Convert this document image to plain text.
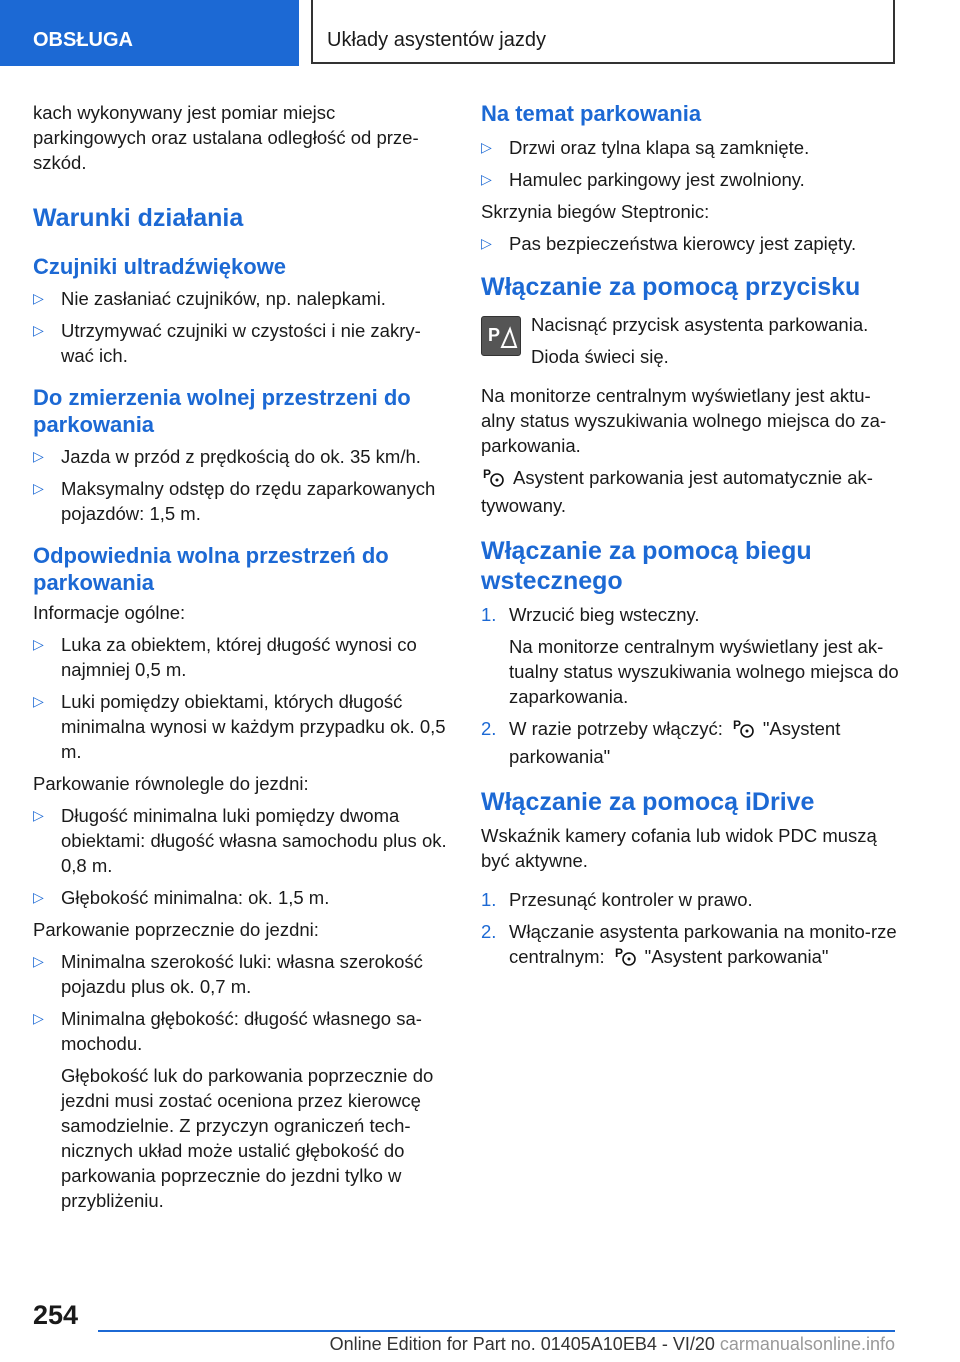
OBSŁUGA	Układy asystentów jazdy

kach wykonywany jest pomiar miejsc parkingowych oraz ustalana odległość od prze-szkód.

Warunki działania
Czujniki ultradźwiękowe
▷ Nie zasłaniać czujników, np. nalepkami.
▷ Utrzymywać czujniki w czystości i nie zakry-wać ich.
Do zmierzenia wolnej przestrzeni do parkowania
▷ Jazda w przód z prędkością do ok. 35 km/h.
▷ Maksymalny odstęp do rzędu zaparkowanych pojazdów: 1,5 m.
Odpowiednia wolna przestrzeń do parkowania

Informacje ogólne:

▷ Luka za obiektem, której długość wynosi co najmniej 0,5 m.
▷ Luki pomiędzy obiektami, których długość minimalna wynosi w każdym przypadku ok. 0,5 m.

Parkowanie równolegle do jezdni:

▷ Długość minimalna luki pomiędzy dwoma obiektami: długość własna samochodu plus ok. 0,8 m.
▷ Głębokość minimalna: ok. 1,5 m.

Parkowanie poprzecznie do jezdni:

▷ Minimalna szerokość luki: własna szerokość pojazdu plus ok. 0,7 m.
▷ Minimalna głębokość: długość własnego sa-mochodu.
Głębokość luk do parkowania poprzecznie do jezdni musi zostać oceniona przez kierowcę samodzielnie. Z przyczyn ograniczeń tech-nicznych układ może ustalić głębokość do parkowania poprzecznie do jezdni tylko w przybliżeniu.
Na temat parkowania
▷ Drzwi oraz tylna klapa są zamknięte.
▷ Hamulec parkingowy jest zwolniony.

Skrzynia biegów Steptronic:

▷ Pas bezpieczeństwa kierowcy jest zapięty.
Włączanie za pomocą przycisku
P Nacisnąć przycisk asystenta parkowania.

Dioda świeci się.

Na monitorze centralnym wyświetlany jest aktu-alny status wyszukiwania wolnego miejsca do za-parkowania.

P Asystent parkowania jest automatycznie ak-tywowany.

Włączanie za pomocą biegu wstecznego
1. Wrzucić bieg wsteczny.
Na monitorze centralnym wyświetlany jest ak-tualny status wyszukiwania wolnego miejsca do zaparkowania.
2. W razie potrzeby włączyć: P "Asystent parkowania"
Włączanie za pomocą iDrive

Wskaźnik kamery cofania lub widok PDC muszą być aktywne.

1. Przesunąć kontroler w prawo.
2. Włączanie asystenta parkowania na monito-rze centralnym: P "Asystent parkowania"
254
Online Edition for Part no. 01405A10EB4 - VI/20 carmanualsonline.info
